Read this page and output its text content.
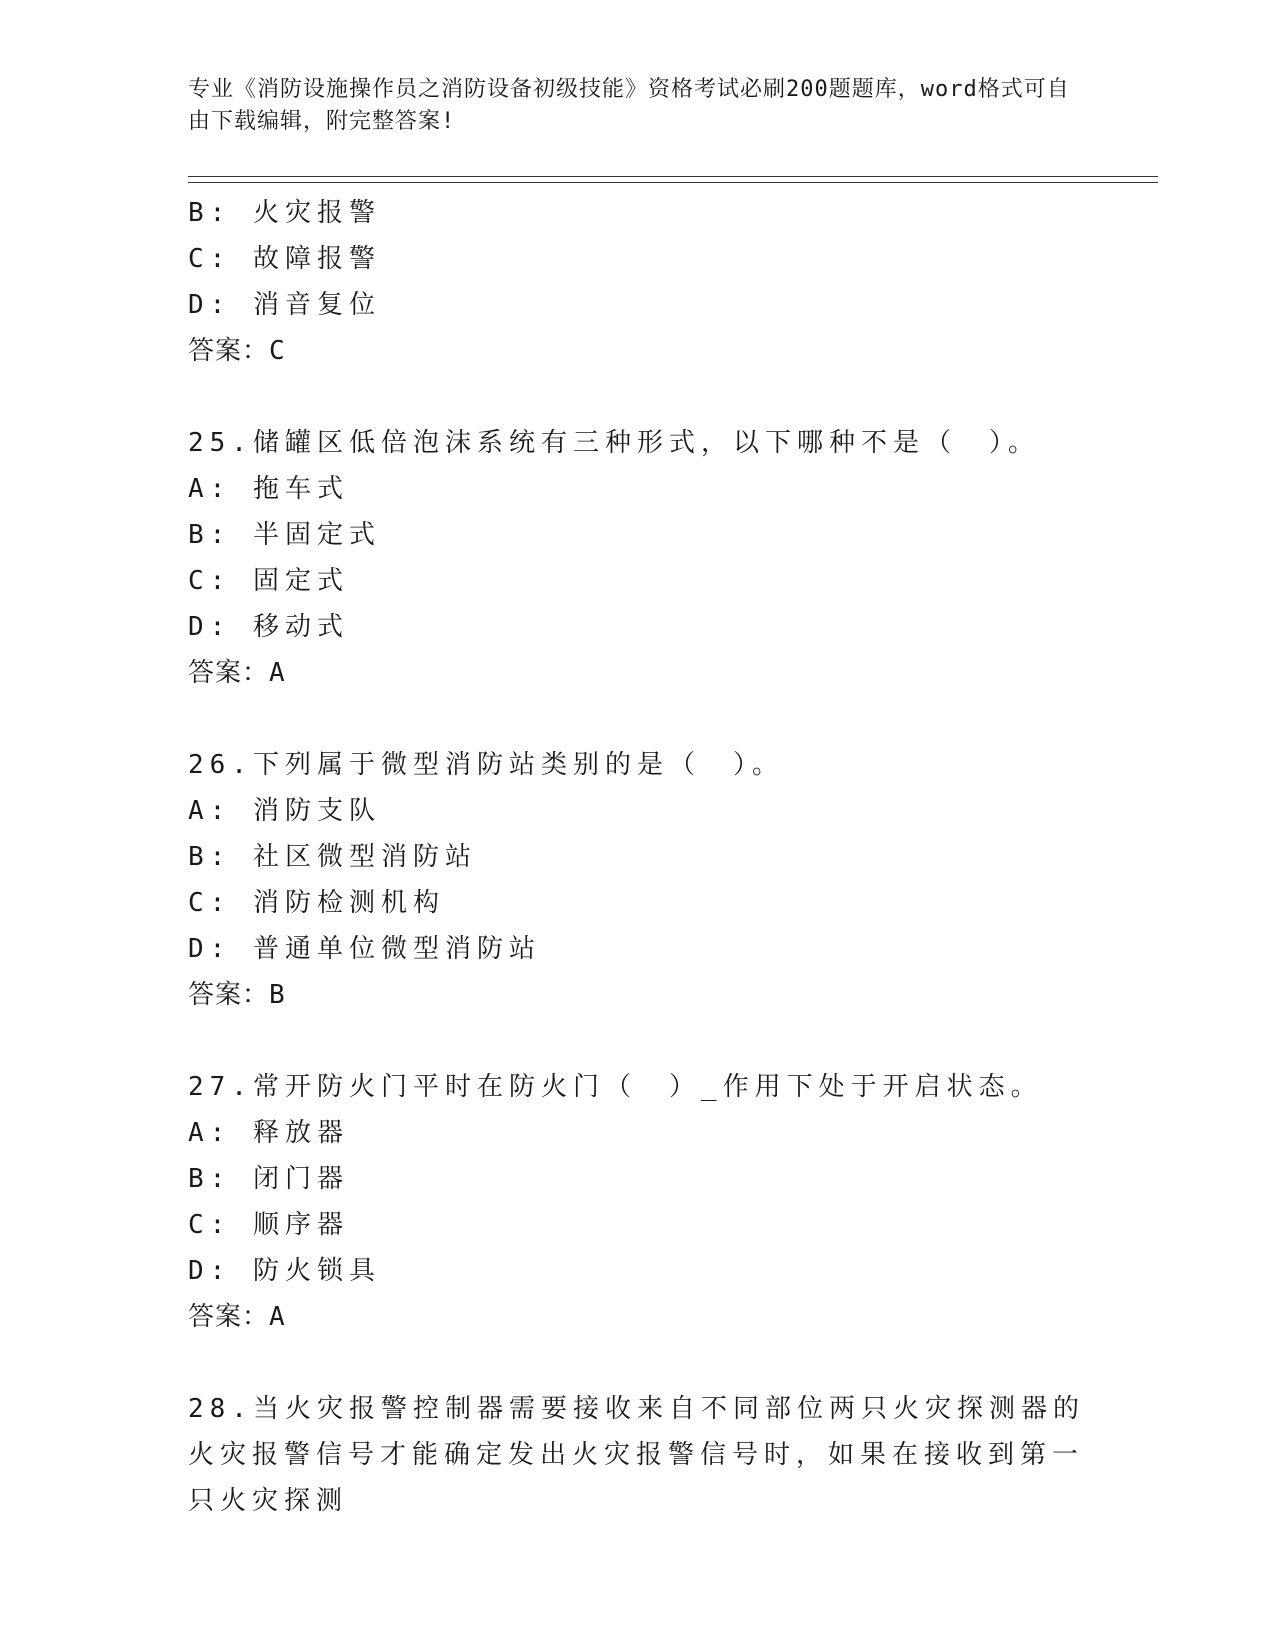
专业《消防设施操作员之消防设备初级技能》资格考试必刷200题题库，word格式可自由下载编辑，附完整答案!
B: 火灾报警
C: 故障报警
D: 消音复位
答案：C
25.储罐区低倍泡沫系统有三种形式，以下哪种不是（　）。
A: 拖车式
B: 半固定式
C: 固定式
D: 移动式
答案：A
26.下列属于微型消防站类别的是（　）。
A: 消防支队
B: 社区微型消防站
C: 消防检测机构
D: 普通单位微型消防站
答案：B
27.常开防火门平时在防火门（　）_作用下处于开启状态。
A: 释放器
B: 闭门器
C: 顺序器
D: 防火锁具
答案：A
28.当火灾报警控制器需要接收来自不同部位两只火灾探测器的火灾报警信号才能确定发出火灾报警信号时，如果在接收到第一只火灾探测
